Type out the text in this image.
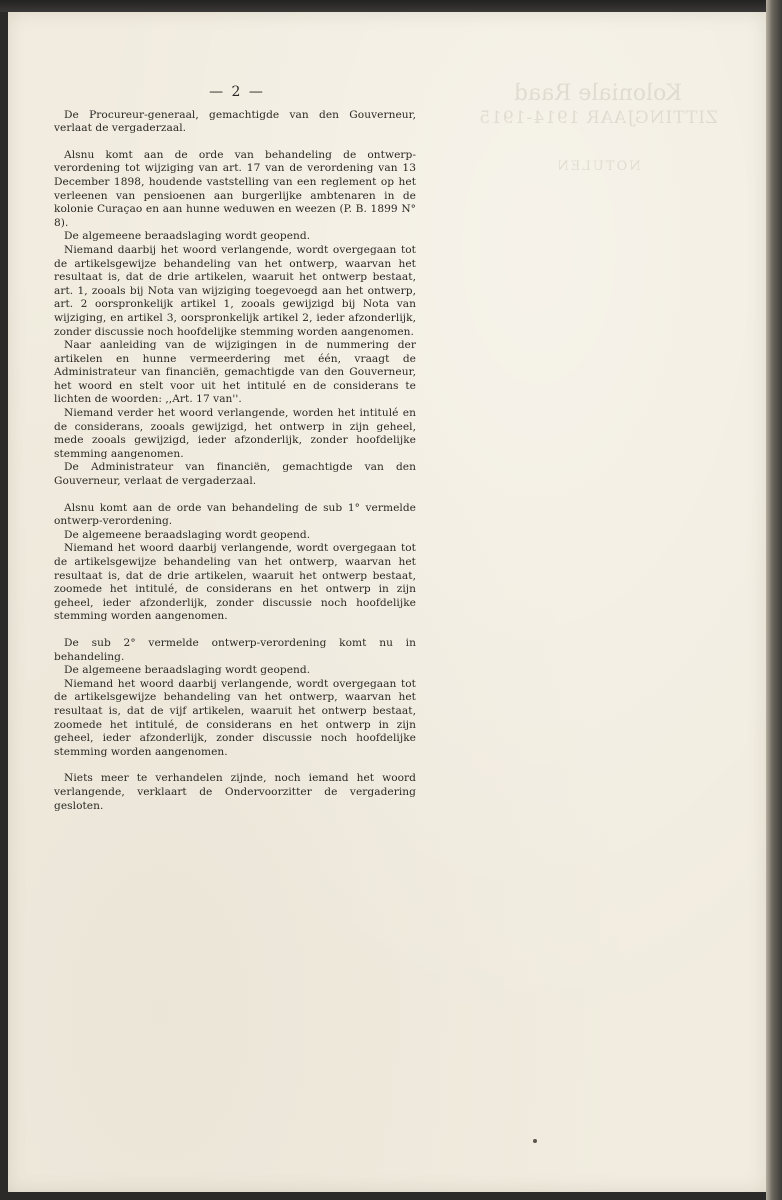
Koloniale Raad
ZITTINGJAAR 1914-1915
NOTULEN
— 2 —

De Procureur-generaal, gemachtigde van den Gouverneur, verlaat de vergaderzaal.

Alsnu komt aan de orde van behandeling de ontwerp-verordening tot wijziging van art. 17 van de verordening van 13 December 1898, houdende vaststelling van een reglement op het verleenen van pensioenen aan burgerlijke ambtenaren in de kolonie Curaçao en aan hunne weduwen en weezen (P. B. 1899 N° 8).

De algemeene beraadslaging wordt geopend.

Niemand daarbij het woord verlangende, wordt overgegaan tot de artikelsgewijze behandeling van het ontwerp, waarvan het resultaat is, dat de drie artikelen, waaruit het ontwerp bestaat, art. 1, zooals bij Nota van wijziging toegevoegd aan het ontwerp, art. 2 oorspronkelijk artikel 1, zooals gewijzigd bij Nota van wijziging, en artikel 3, oorspronkelijk artikel 2, ieder afzonderlijk, zonder discussie noch hoofdelijke stemming worden aangenomen.

Naar aanleiding van de wijzigingen in de nummering der artikelen en hunne vermeerdering met één, vraagt de Administrateur van financiën, gemachtigde van den Gouverneur, het woord en stelt voor uit het intitulé en de considerans te lichten de woorden: ,,Art. 17 van''.

Niemand verder het woord verlangende, worden het intitulé en de considerans, zooals gewijzigd, het ontwerp in zijn geheel, mede zooals gewijzigd, ieder afzonderlijk, zonder hoofdelijke stemming aangenomen.

De Administrateur van financiën, gemachtigde van den Gouverneur, verlaat de vergaderzaal.

Alsnu komt aan de orde van behandeling de sub 1° vermelde ontwerp-verordening.

De algemeene beraadslaging wordt geopend.

Niemand het woord daarbij verlangende, wordt overgegaan tot de artikelsgewijze behandeling van het ontwerp, waarvan het resultaat is, dat de drie artikelen, waaruit het ontwerp bestaat, zoomede het intitulé, de considerans en het ontwerp in zijn geheel, ieder afzonderlijk, zonder discussie noch hoofdelijke stemming worden aangenomen.

De sub 2° vermelde ontwerp-verordening komt nu in behandeling.

De algemeene beraadslaging wordt geopend.

Niemand het woord daarbij verlangende, wordt overgegaan tot de artikelsgewijze behandeling van het ontwerp, waarvan het resultaat is, dat de vijf artikelen, waaruit het ontwerp bestaat, zoomede het intitulé, de considerans en het ontwerp in zijn geheel, ieder afzonderlijk, zonder discussie noch hoofdelijke stemming worden aangenomen.

Niets meer te verhandelen zijnde, noch iemand het woord verlangende, verklaart de Ondervoorzitter de vergadering gesloten.
